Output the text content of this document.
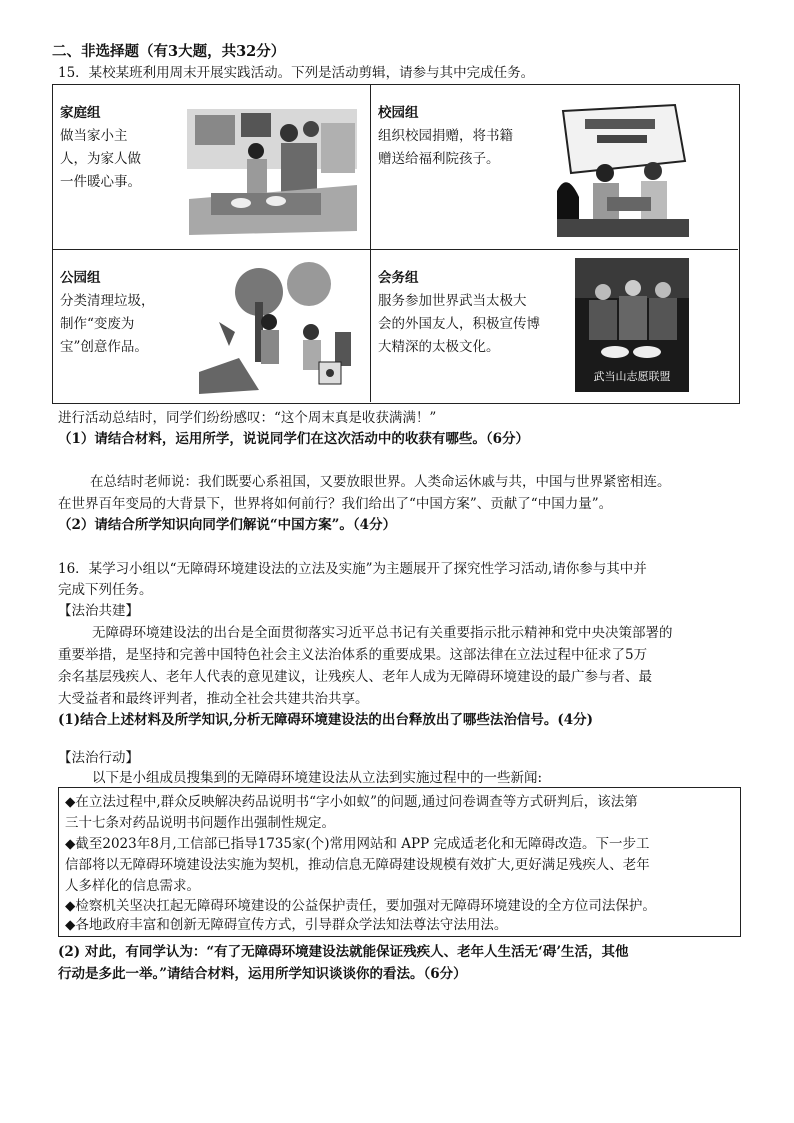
二、非选择题（有3大题，共32分）
15．某校某班利用周末开展实践活动。下列是活动剪辑，请参与其中完成任务。
家庭组
做当家小主
人，为家人做
一件暖心事。
校园组
组织校园捐赠，将书籍
赠送给福利院孩子。
公园组
分类清理垃圾，
制作“变废为
宝”创意作品。
会务组
服务参加世界武当太极大
会的外国友人，积极宣传博
大精深的太极文化。
武当山志愿联盟
进行活动总结时，同学们纷纷感叹：“这个周末真是收获满满！”
（1）请结合材料，运用所学，说说同学们在这次活动中的收获有哪些。（6分）
在总结时老师说：我们既要心系祖国，又要放眼世界。人类命运休戚与共，中国与世界紧密相连。
在世界百年变局的大背景下，世界将如何前行？我们给出了“中国方案”、贡献了“中国力量”。
（2）请结合所学知识向同学们解说“中国方案”。（4分）
16．某学习小组以“无障碍环境建设法的立法及实施”为主题展开了探究性学习活动,请你参与其中并
完成下列任务。
【法治共建】
无障碍环境建设法的出台是全面贯彻落实习近平总书记有关重要指示批示精神和党中央决策部署的
重要举措，是坚持和完善中国特色社会主义法治体系的重要成果。这部法律在立法过程中征求了5万
余名基层残疾人、老年人代表的意见建议，让残疾人、老年人成为无障碍环境建设的最广参与者、最
大受益者和最终评判者，推动全社会共建共治共享。
(1)结合上述材料及所学知识,分析无障碍环境建设法的出台释放出了哪些法治信号。(4分)
【法治行动】
以下是小组成员搜集到的无障碍环境建设法从立法到实施过程中的一些新闻:
◆在立法过程中,群众反映解决药品说明书“字小如蚁”的问题,通过问卷调查等方式研判后，该法第
三十七条对药品说明书问题作出强制性规定。
◆截至2023年8月,工信部已指导1735家(个)常用网站和 APP 完成适老化和无障碍改造。下一步工
信部将以无障碍环境建设法实施为契机，推动信息无障碍建设规模有效扩大,更好满足残疾人、老年
人多样化的信息需求。
◆检察机关坚决扛起无障碍环境建设的公益保护责任，要加强对无障碍环境建设的全方位司法保护。
◆各地政府丰富和创新无障碍宣传方式，引导群众学法知法尊法守法用法。
(2) 对此，有同学认为：“有了无障碍环境建设法就能保证残疾人、老年人生活无‘碍’生活，其他
行动是多此一举。”请结合材料，运用所学知识谈谈你的看法。（6分）
